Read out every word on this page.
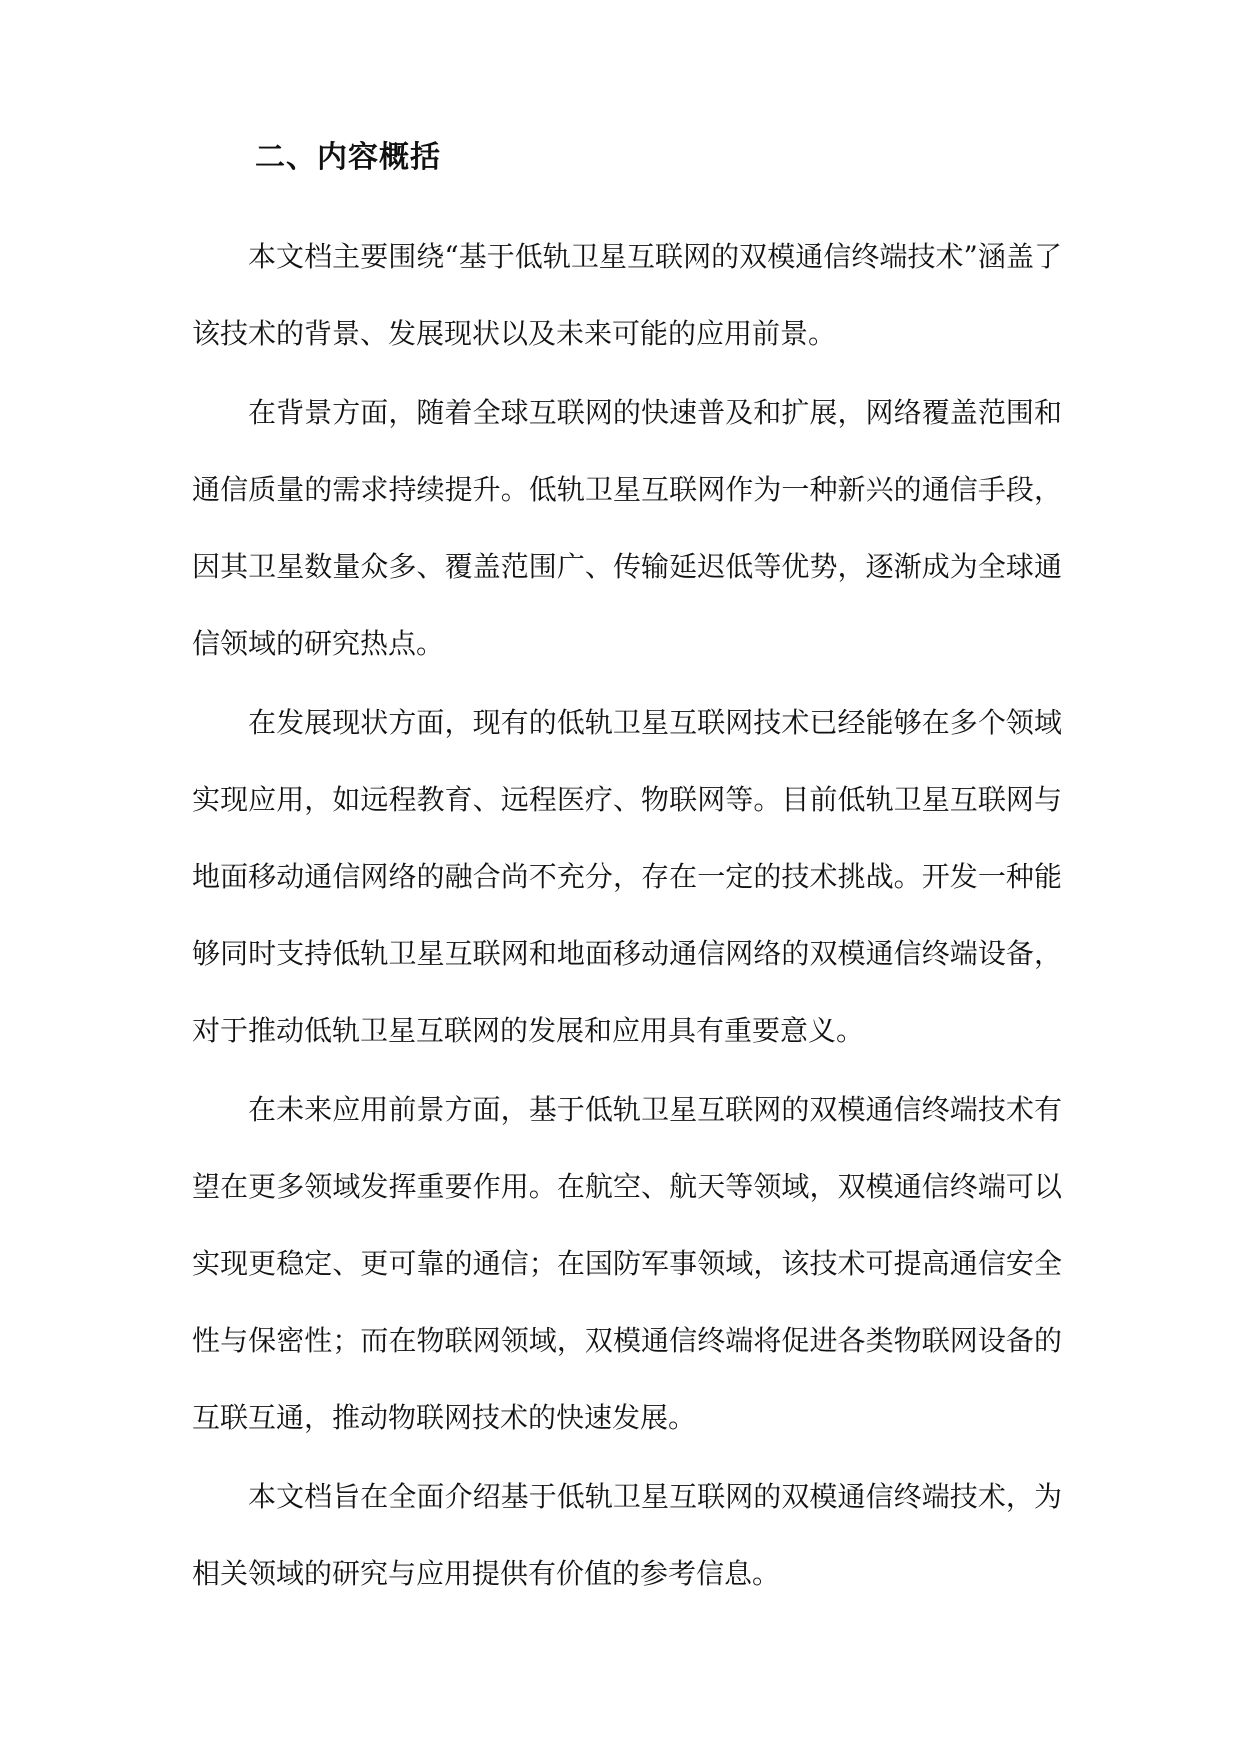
二、内容概括

本文档主要围绕“基于低轨卫星互联网的双模通信终端技术”涵盖了该技术的背景、发展现状以及未来可能的应用前景。

在背景方面，随着全球互联网的快速普及和扩展，网络覆盖范围和通信质量的需求持续提升。低轨卫星互联网作为一种新兴的通信手段，因其卫星数量众多、覆盖范围广、传输延迟低等优势，逐渐成为全球通信领域的研究热点。

在发展现状方面，现有的低轨卫星互联网技术已经能够在多个领域实现应用，如远程教育、远程医疗、物联网等。目前低轨卫星互联网与地面移动通信网络的融合尚不充分，存在一定的技术挑战。开发一种能够同时支持低轨卫星互联网和地面移动通信网络的双模通信终端设备，对于推动低轨卫星互联网的发展和应用具有重要意义。

在未来应用前景方面，基于低轨卫星互联网的双模通信终端技术有望在更多领域发挥重要作用。在航空、航天等领域，双模通信终端可以实现更稳定、更可靠的通信；在国防军事领域，该技术可提高通信安全性与保密性；而在物联网领域，双模通信终端将促进各类物联网设备的互联互通，推动物联网技术的快速发展。

本文档旨在全面介绍基于低轨卫星互联网的双模通信终端技术，为相关领域的研究与应用提供有价值的参考信息。
